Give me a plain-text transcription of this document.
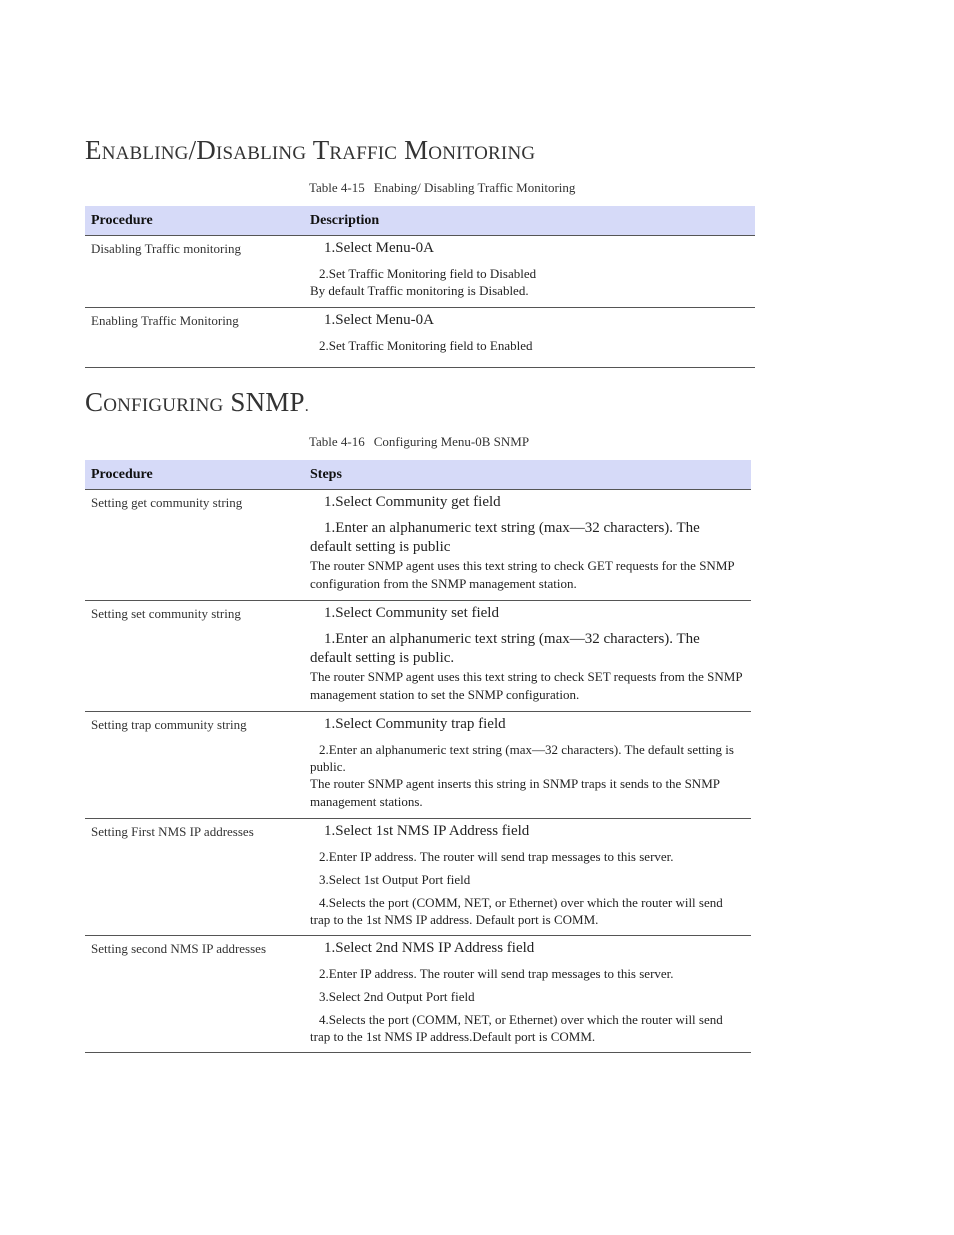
Enabling/Disabling Traffic Monitoring
Table 4-15 Enabing/ Disabling Traffic Monitoring
Procedure	Description
Disabling Traffic monitoring	1.Select Menu-0A

2.Set Traffic Monitoring field to Disabled

By default Traffic monitoring is Disabled.

Enabling Traffic Monitoring	1.Select Menu-0A

2.Set Traffic Monitoring field to Enabled

Configuring SNMP.
Table 4-16 Configuring Menu-0B SNMP
Procedure	Steps
Setting get community string	1.Select Community get field

1.Enter an alphanumeric text string (max—32 characters). The default setting is public

The router SNMP agent uses this text string to check GET requests for the SNMP configuration from the SNMP management station.

Setting set community string	1.Select Community set field

1.Enter an alphanumeric text string (max—32 characters). The default setting is public.

The router SNMP agent uses this text string to check SET requests from the SNMP management station to set the SNMP configuration.

Setting trap community string	1.Select Community trap field

2.Enter an alphanumeric text string (max—32 characters). The default setting is public.

The router SNMP agent inserts this string in SNMP traps it sends to the SNMP management stations.

Setting First NMS IP addresses	1.Select 1st NMS IP Address field

2.Enter IP address. The router will send trap messages to this server.

3.Select 1st Output Port field

4.Selects the port (COMM, NET, or Ethernet) over which the router will send trap to the 1st NMS IP address. Default port is COMM.

Setting second NMS IP addresses	1.Select 2nd NMS IP Address field

2.Enter IP address. The router will send trap messages to this server.

3.Select 2nd Output Port field

4.Selects the port (COMM, NET, or Ethernet) over which the router will send trap to the 1st NMS IP address.Default port is COMM.
